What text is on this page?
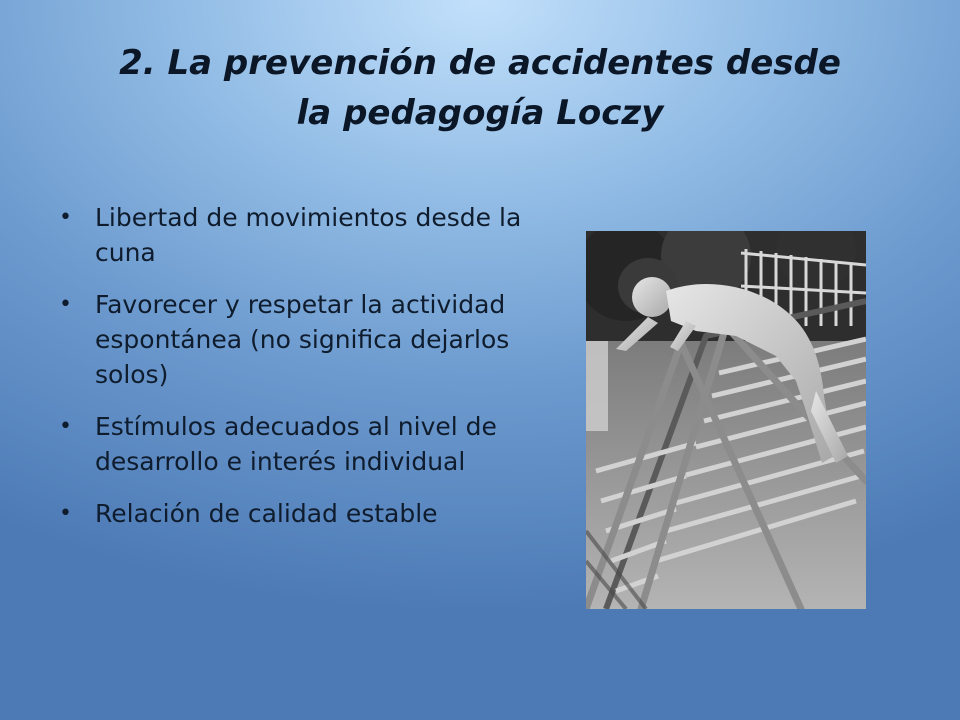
2. La prevención de accidentes desde
la pedagogía Loczy
• Libertad de movimientos desde la cuna
• Favorecer y respetar la actividad espontánea (no significa dejarlos solos)
• Estímulos adecuados al nivel de desarrollo e interés individual
• Relación de calidad estable
